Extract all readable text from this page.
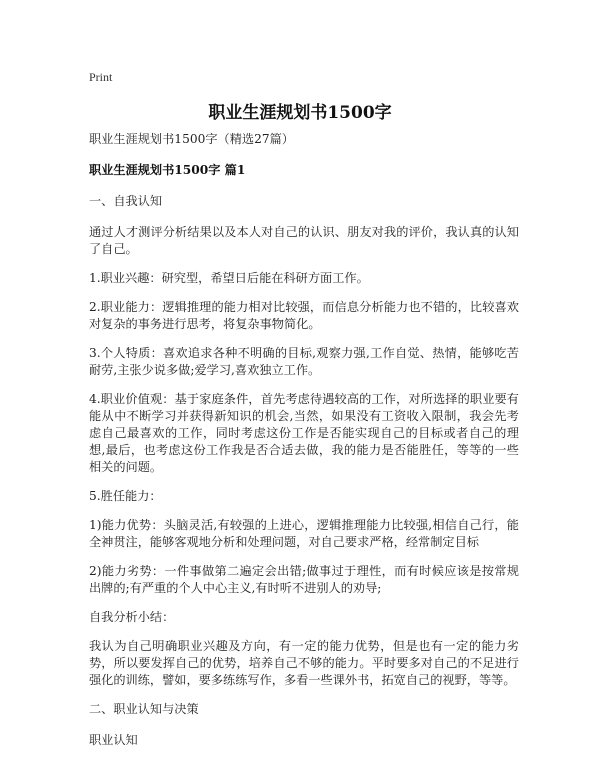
Print
职业生涯规划书1500字

职业生涯规划书1500字（精选27篇）

职业生涯规划书1500字 篇1

一、自我认知

通过人才测评分析结果以及本人对自己的认识、朋友对我的评价，我认真的认知了自己。

1.职业兴趣：研究型，希望日后能在科研方面工作。

2.职业能力：逻辑推理的能力相对比较强，而信息分析能力也不错的，比较喜欢对复杂的事务进行思考，将复杂事物简化。

3.个人特质：喜欢追求各种不明确的目标,观察力强,工作自觉、热情，能够吃苦耐劳,主张少说多做;爱学习,喜欢独立工作。

4.职业价值观：基于家庭条件，首先考虑待遇较高的工作，对所选择的职业要有能从中不断学习并获得新知识的机会,当然，如果没有工资收入限制，我会先考虑自己最喜欢的工作，同时考虑这份工作是否能实现自己的目标或者自己的理想,最后，也考虑这份工作我是否合适去做，我的能力是否能胜任，等等的一些相关的问题。

5.胜任能力：

1)能力优势：头脑灵活,有较强的上进心，逻辑推理能力比较强,相信自己行，能全神贯注，能够客观地分析和处理问题，对自己要求严格，经常制定目标

2)能力劣势：一件事做第二遍定会出错;做事过于理性，而有时候应该是按常规出牌的;有严重的个人中心主义,有时听不进别人的劝导;

自我分析小结：

我认为自己明确职业兴趣及方向，有一定的能力优势，但是也有一定的能力劣势，所以要发挥自己的优势，培养自己不够的能力。平时要多对自己的不足进行强化的训练，譬如，要多练练写作，多看一些课外书，拓宽自己的视野，等等。

二、职业认知与决策

职业认知
